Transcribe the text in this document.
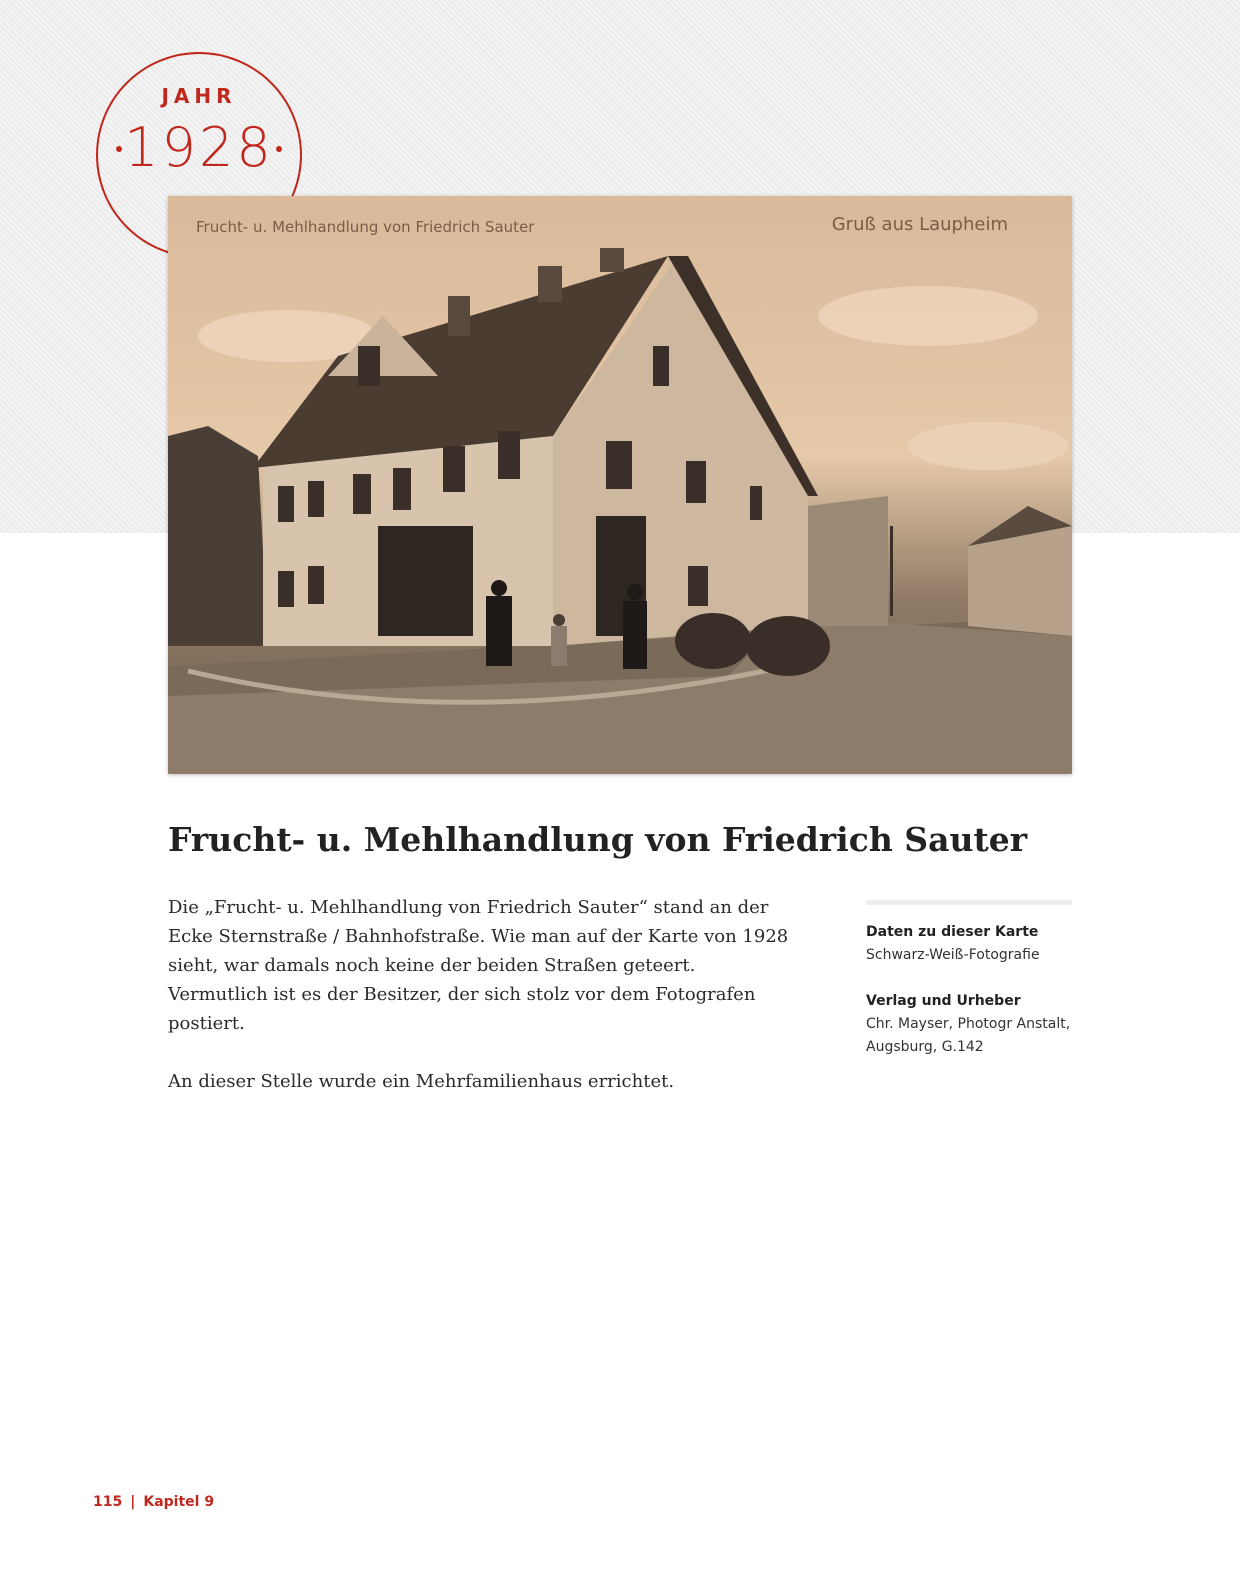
JAHR
1928
Frucht- u. Mehlhandlung von Friedrich Sauter	Gruß aus Laupheim
Frucht- u. Mehlhandlung von Friedrich Sauter

Die „Frucht- u. Mehlhandlung von Friedrich Sauter“ stand an der Ecke Sternstraße / Bahnhofstraße. Wie man auf der Karte von 1928 sieht, war damals noch keine der beiden Straßen geteert. Vermutlich ist es der Besitzer, der sich stolz vor dem Fotografen postiert.

An dieser Stelle wurde ein Mehrfamilienhaus errichtet.

Daten zu dieser Karte
Schwarz-Weiß-Fotografie
Verlag und Urheber
Chr. Mayser, Photogr Anstalt,
Augsburg, G.142
115 | Kapitel 9
